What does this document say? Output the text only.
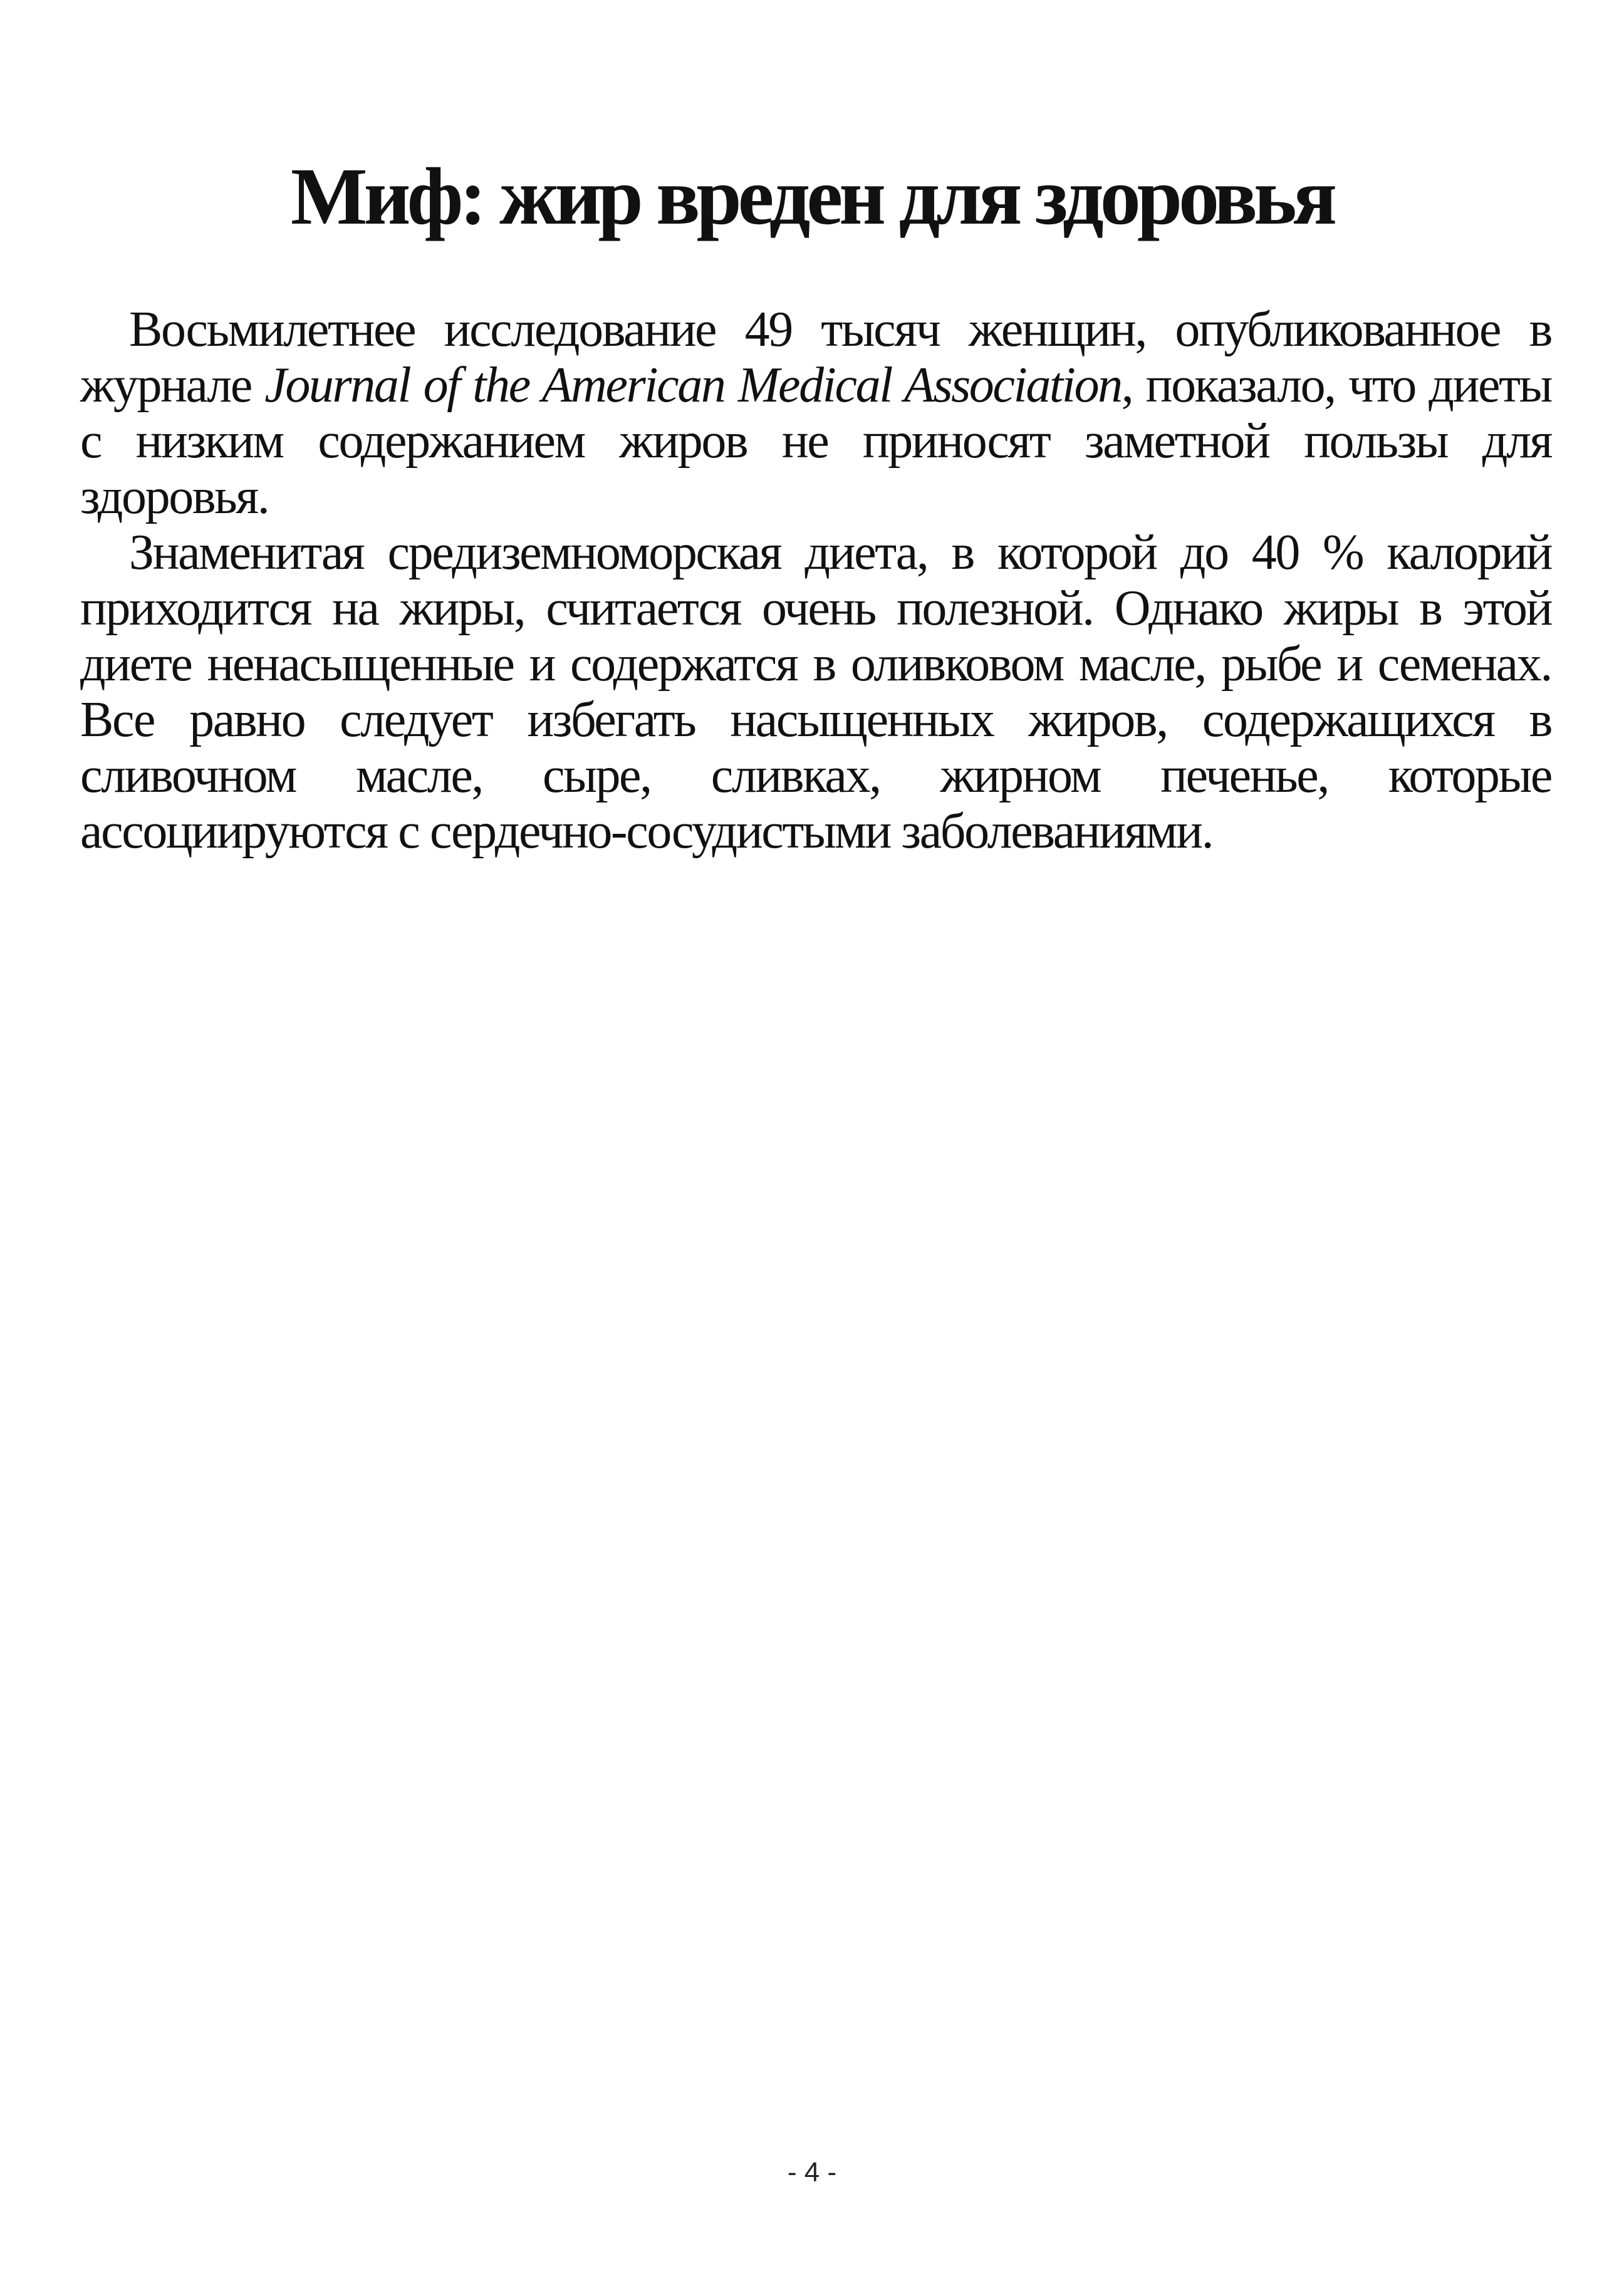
Миф: жир вреден для здоровья

Восьмилетнее исследование 49 тысяч женщин, опубликованное в журнале Journal of the American Medical Association, показало, что диеты с низким содержанием жиров не приносят заметной пользы для здоровья.

Знаменитая средиземноморская диета, в которой до 40 % калорий приходится на жиры, считается очень полезной. Однако жиры в этой диете ненасыщенные и содержатся в оливковом масле, рыбе и семенах. Все равно следует избегать насыщенных жиров, содержащихся в сливочном масле, сыре, сливках, жирном печенье, которые ассоциируются с сердечно-сосудистыми заболеваниями.

- 4 -
